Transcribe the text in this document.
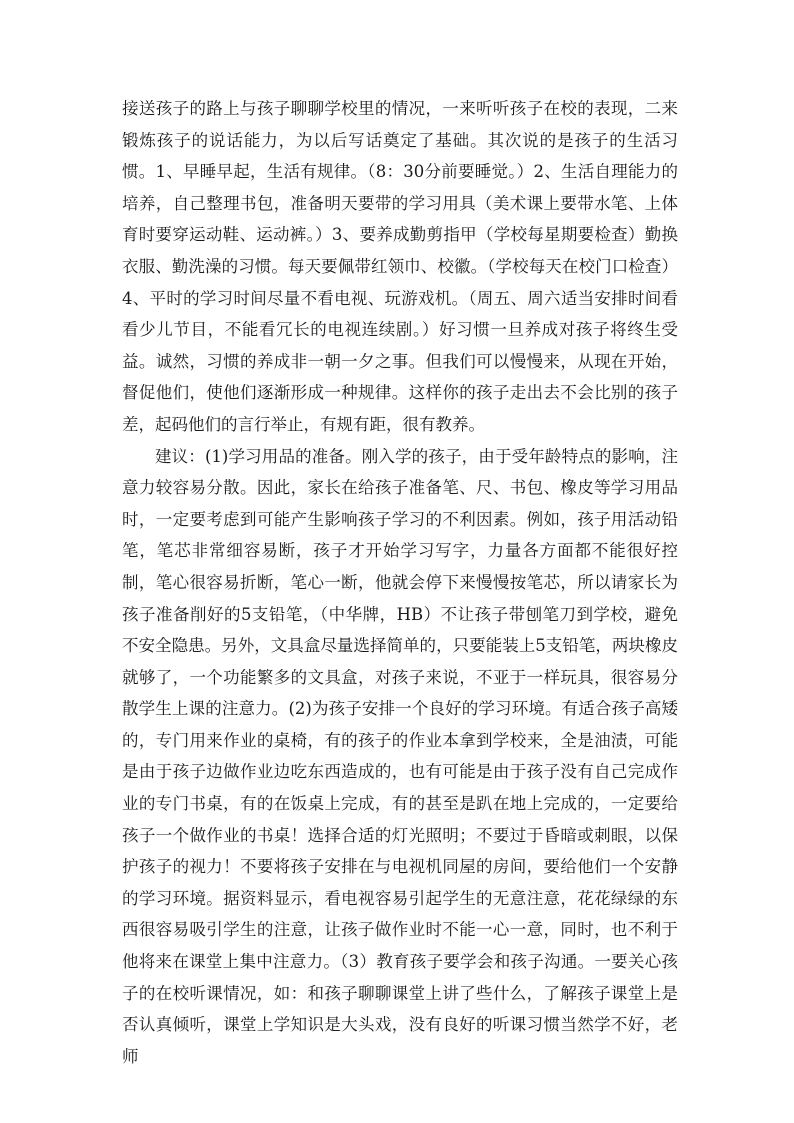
接送孩子的路上与孩子聊聊学校里的情况，一来听听孩子在校的表现，二来锻炼孩子的说话能力，为以后写话奠定了基础。其次说的是孩子的生活习惯。1、早睡早起，生活有规律。（8：30分前要睡觉。）2、生活自理能力的培养，自己整理书包，准备明天要带的学习用具（美术课上要带水笔、上体育时要穿运动鞋、运动裤。）3、要养成勤剪指甲（学校每星期要检查）勤换衣服、勤洗澡的习惯。每天要佩带红领巾、校徽。（学校每天在校门口检查）4、平时的学习时间尽量不看电视、玩游戏机。（周五、周六适当安排时间看看少儿节目，不能看冗长的电视连续剧。）好习惯一旦养成对孩子将终生受益。诚然，习惯的养成非一朝一夕之事。但我们可以慢慢来，从现在开始，督促他们，使他们逐渐形成一种规律。这样你的孩子走出去不会比别的孩子差，起码他们的言行举止，有规有距，很有教养。

建议：(1)学习用品的准备。刚入学的孩子，由于受年龄特点的影响，注意力较容易分散。因此，家长在给孩子准备笔、尺、书包、橡皮等学习用品时，一定要考虑到可能产生影响孩子学习的不利因素。例如，孩子用活动铅笔，笔芯非常细容易断，孩子才开始学习写字，力量各方面都不能很好控制，笔心很容易折断，笔心一断，他就会停下来慢慢按笔芯，所以请家长为孩子准备削好的5支铅笔，（中华牌，HB）不让孩子带刨笔刀到学校，避免不安全隐患。另外，文具盒尽量选择简单的，只要能装上5支铅笔，两块橡皮就够了，一个功能繁多的文具盒，对孩子来说，不亚于一样玩具，很容易分散学生上课的注意力。(2)为孩子安排一个良好的学习环境。有适合孩子高矮的，专门用来作业的桌椅，有的孩子的作业本拿到学校来，全是油渍，可能是由于孩子边做作业边吃东西造成的，也有可能是由于孩子没有自己完成作业的专门书桌，有的在饭桌上完成，有的甚至是趴在地上完成的，一定要给孩子一个做作业的书桌！选择合适的灯光照明；不要过于昏暗或刺眼，以保护孩子的视力！不要将孩子安排在与电视机同屋的房间，要给他们一个安静的学习环境。据资料显示，看电视容易引起学生的无意注意，花花绿绿的东西很容易吸引学生的注意，让孩子做作业时不能一心一意，同时，也不利于他将来在课堂上集中注意力。（3）教育孩子要学会和孩子沟通。一要关心孩子的在校听课情况，如：和孩子聊聊课堂上讲了些什么，了解孩子课堂上是否认真倾听，课堂上学知识是大头戏，没有良好的听课习惯当然学不好，老师
